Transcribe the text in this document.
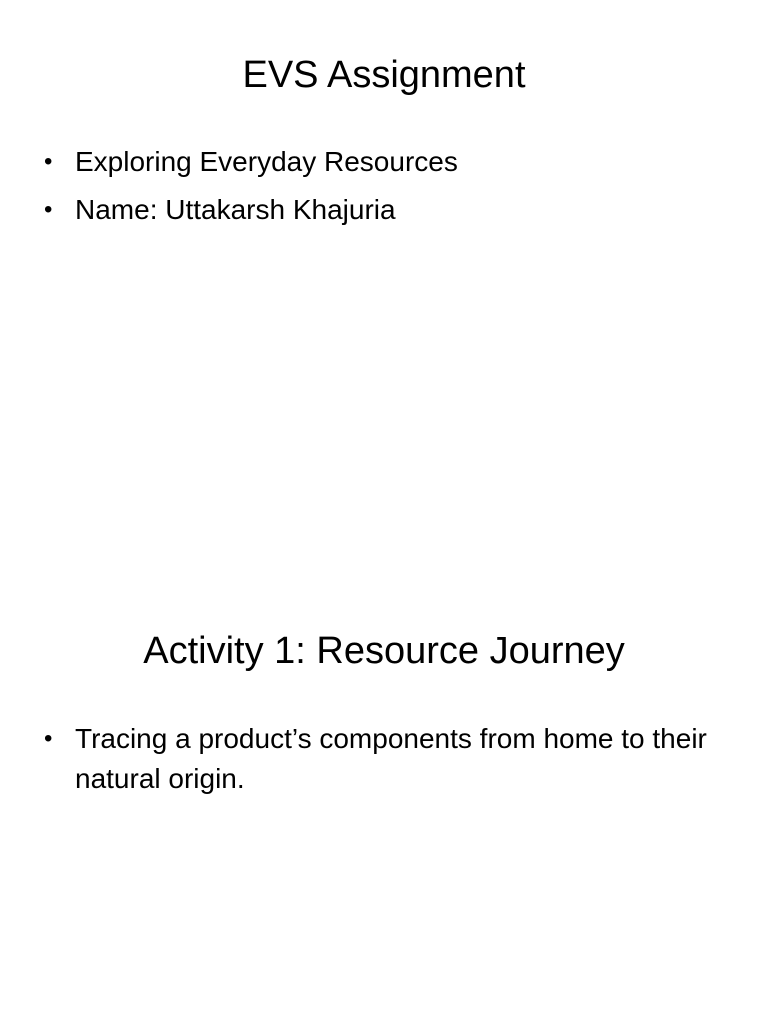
EVS Assignment
• Exploring Everyday Resources
• Name: Uttakarsh Khajuria
Activity 1: Resource Journey
• Tracing a product’s components from home to their natural origin.
